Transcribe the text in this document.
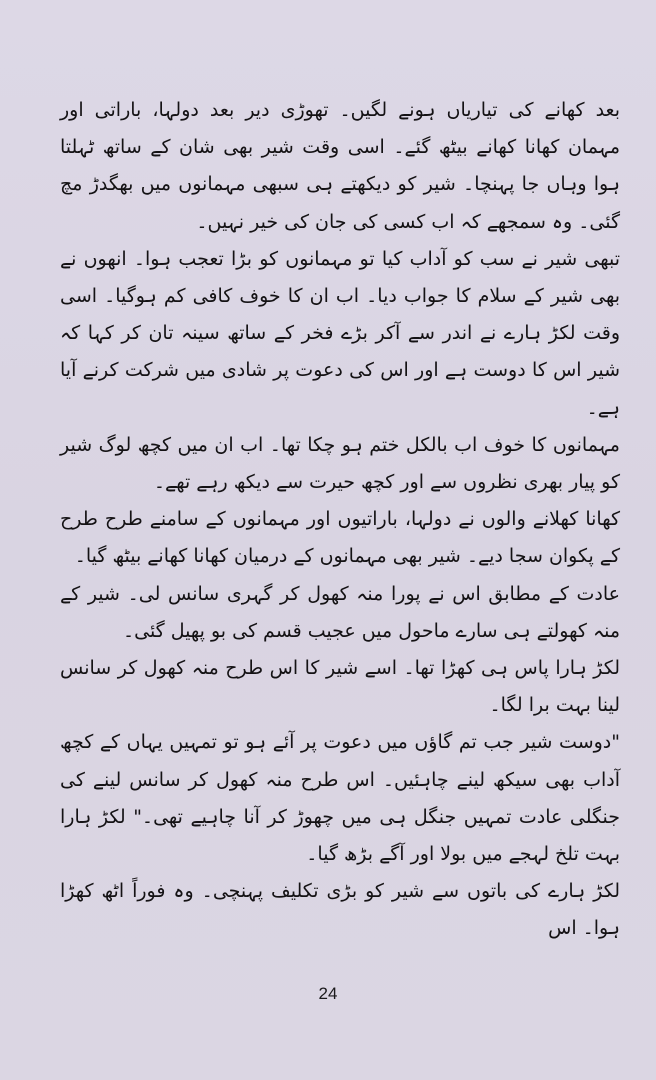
بعد کھانے کی تیاریاں ہونے لگیں۔ تھوڑی دیر بعد دولہا، باراتی اور مہمان کھانا کھانے بیٹھ گئے۔ اسی وقت شیر بھی شان کے ساتھ ٹہلتا ہوا وہاں جا پہنچا۔ شیر کو دیکھتے ہی سبھی مہمانوں میں بھگدڑ مچ گئی۔ وہ سمجھے کہ اب کسی کی جان کی خیر نہیں۔

تبھی شیر نے سب کو آداب کیا تو مہمانوں کو بڑا تعجب ہوا۔ انھوں نے بھی شیر کے سلام کا جواب دیا۔ اب ان کا خوف کافی کم ہوگیا۔ اسی وقت لکڑ ہارے نے اندر سے آکر بڑے فخر کے ساتھ سینہ تان کر کہا کہ شیر اس کا دوست ہے اور اس کی دعوت پر شادی میں شرکت کرنے آیا ہے۔

مہمانوں کا خوف اب بالکل ختم ہو چکا تھا۔ اب ان میں کچھ لوگ شیر کو پیار بھری نظروں سے اور کچھ حیرت سے دیکھ رہے تھے۔

کھانا کھلانے والوں نے دولہا، باراتیوں اور مہمانوں کے سامنے طرح طرح کے پکوان سجا دیے۔ شیر بھی مہمانوں کے درمیان کھانا کھانے بیٹھ گیا۔

عادت کے مطابق اس نے پورا منہ کھول کر گہری سانس لی۔ شیر کے منہ کھولتے ہی سارے ماحول میں عجیب قسم کی بو پھیل گئی۔

لکڑ ہارا پاس ہی کھڑا تھا۔ اسے شیر کا اس طرح منہ کھول کر سانس لینا بہت برا لگا۔

"دوست شیر جب تم گاؤں میں دعوت پر آئے ہو تو تمہیں یہاں کے کچھ آداب بھی سیکھ لینے چاہئیں۔ اس طرح منہ کھول کر سانس لینے کی جنگلی عادت تمہیں جنگل ہی میں چھوڑ کر آنا چاہیے تھی۔" لکڑ ہارا بہت تلخ لہجے میں بولا اور آگے بڑھ گیا۔

لکڑ ہارے کی باتوں سے شیر کو بڑی تکلیف پہنچی۔ وہ فوراً اٹھ کھڑا ہوا۔ اس

24
